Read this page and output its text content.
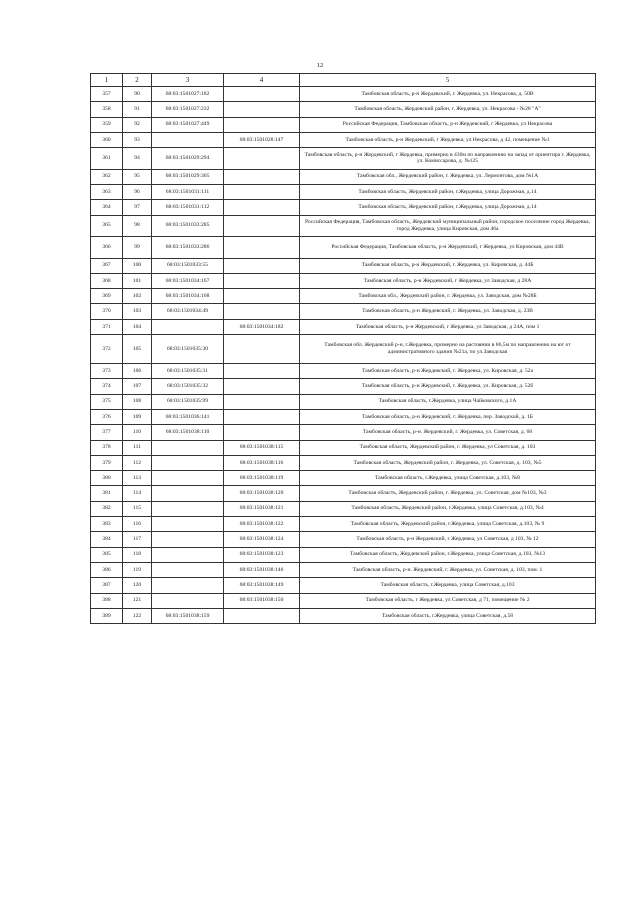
12
1	2	3	4	5
357	90	68:03:1501027:182		Тамбовская область, р-н Жердевский, г. Жердевка, ул. Некрасова, д. 50В
358	91	68:03:1501027:232		Тамбовская область, Жердевский район, г. Жердевка, ул. Некрасова - №28 "А"
359	92	68:03:1501027:449		Российская Федерация, Тамбовская область, р-н Жердевский, г Жердевка, ул Некрасова
360	93		68:03:1501028:147	Тамбовская область, р-н Жердевский, г Жердевка, ул Некрасова, д 42, помещение №1
361	94	68:03:1501029:294		Тамбовская область, р-н Жердевский, г Жердевка, примерно в 430м по направлению на запад от ориентира г. Жердевка, ул. Комиссарова, д. №125
362	95	68:03:1501029:305		Тамбовская обл., Жердевский район, г. Жердевка, ул. Лермонтова, дом №1А
363	96	68:03:1501031:111		Тамбовская область, Жердевский район, г.Жердевка, улица Дорожная, д.14
364	97	68:03:1501031:112		Тамбовская область, Жердевский район, г.Жердевка, улица Дорожная, д.14
365	98	68:03:1501033:285		Российская Федерация, Тамбовская область, Жердевский муниципальный район, городское поселение город Жердевка, город Жердевка, улица Кировская, дом 46а
366	99	68:03:1501033:286		Российская Федерация, Тамбовская область, р-н Жердевский, г Жердевка, ул Кировская, дом 44В
367	100	68:03:1501033:55		Тамбовская область, р-н Жердевский, г. Жердевка, ул. Кировская, д. 44Б
368	101	68:03:1501034:167		Тамбовская область, р-н Жердевский, г Жердевка, ул Заводская, д 28А
369	102	68:03:1501034:168		Тамбовская обл., Жердевский район, г. Жердевка, ул. Заводская, дом №28Б
370	103	68:03:1501034:49		Тамбовская область, р-н Жердевский, г. Жердевка, ул. Заводская, д. 23В
371	104		68:03:1501034:182	Тамбовская область, р-н Жердевский, г Жердевка, ул Заводская, д 24А, пом 1
372	105	68:03:1501035:30		Тамбовская обл. Жердевский р-н, г.Жердевка, примерно на растоянии в 86,5м по направлению на юг от административного здания №21а, по ул.Заводская
373	106	68:03:1501035:31		Тамбовская область, р-н Жердевский, г. Жердевка, ул. Кировская, д. 52а
374	107	68:03:1501035:32		Тамбовская область, р-н Жердевский, г. Жердевка, ул. Кировская, д. 52б
375	108	68:03:1501035:99		Тамбовская область, г.Жердевка, улица Чайковского, д.1А
376	109	68:03:1501036:141		Тамбовская область, р-н Жердевский, г. Жердевка, пер. Заводской, д. 1Б
377	110	68:03:1501038:110		Тамбовская область, р-н. Жердевский, г. Жердевка, ул. Советская, д. 68
378	111		68:03:1501038:115	Тамбовская область, Жердевский район, г. Жердевка, ул Советская, д. 103
379	112		68:03:1501038:116	Тамбовская область, Жердевский район, г. Жердевка, ул. Советская, д. 103, №5
380	113		68:03:1501038:119	Тамбовская область, г.Жердевка, улица Советская, д.103, №8
381	114		68:03:1501038:120	Тамбовская область, Жердевский район, г. Жердевка, ул. Советская, дом №103, №3
382	115		68:03:1501038:121	Тамбовская область, Жердевский район, г.Жердевка, улица Советская, д.103, №4
383	116		68:03:1501038:122	Тамбовская область, Жердевский район, г.Жердевка, улица Советская, д.103, № 9
384	117		68:03:1501038:124	Тамбовская область, р-н Жердевский, г Жердевка, ул Советская, д 103, № 12
385	118		68:03:1501038:123	Тамбовская область, Жердевский район, г.Жердевка, улица Советская, д.103, №13
386	119		68:03:1501038:146	Тамбовская область, р-н. Жердевский, г. Жердевка, ул. Советская, д. 103, пом. 1
387	120		68:03:1501038:149	Тамбовская область, г.Жердевка, улица Советская, д.103
388	121		68:03:1501038:150	Тамбовская область, г Жердевка, ул Советская, д 71, помещение № 2
389	122	68:03:1501038:159		Тамбовская область, г.Жердевка, улица Советская, д.58
